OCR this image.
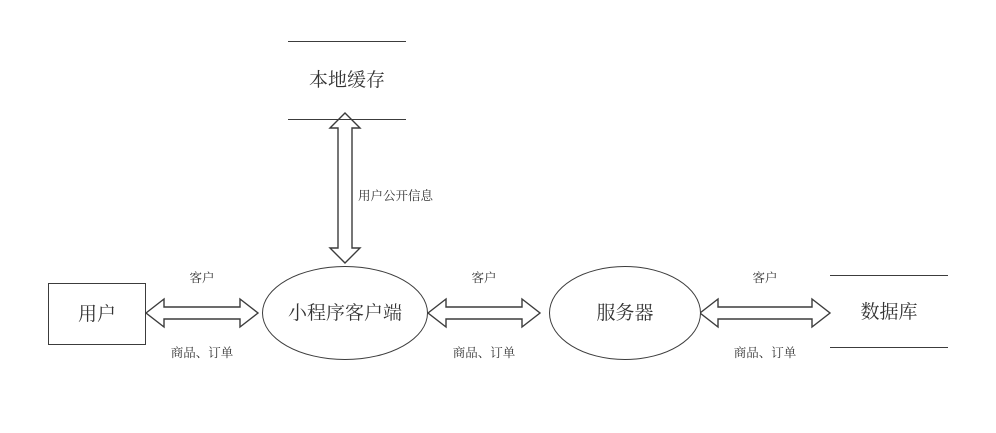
本地缓存
用户	小程序客户端	服务器	数据库
用户公开信息
客户
商品、订单
客户
商品、订单
客户
商品、订单
